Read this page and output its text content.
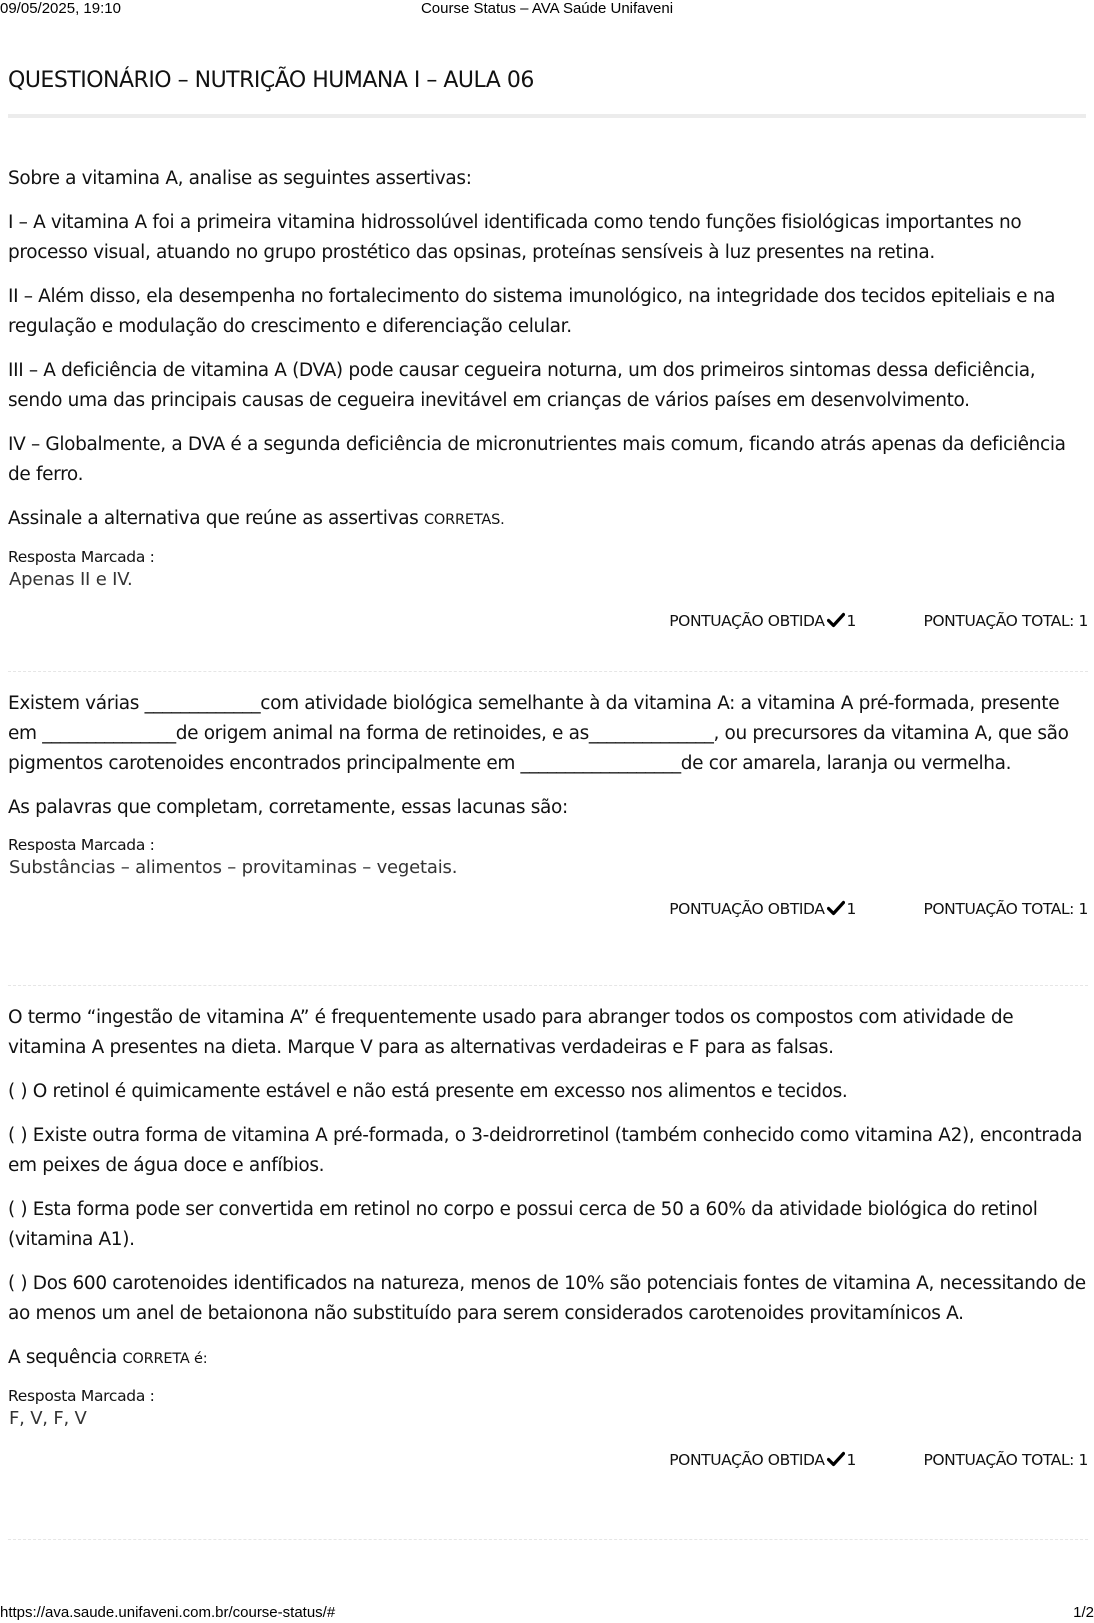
09/05/2025, 19:10	Course Status – AVA Saúde Unifaveni
QUESTIONÁRIO – NUTRIÇÃO HUMANA I – AULA 06

Sobre a vitamina A, analise as seguintes assertivas:

I – A vitamina A foi a primeira vitamina hidrossolúvel identificada como tendo funções fisiológicas importantes no processo visual, atuando no grupo prostético das opsinas, proteínas sensíveis à luz presentes na retina.

II – Além disso, ela desempenha no fortalecimento do sistema imunológico, na integridade dos tecidos epiteliais e na regulação e modulação do crescimento e diferenciação celular.

III – A deficiência de vitamina A (DVA) pode causar cegueira noturna, um dos primeiros sintomas dessa deficiência, sendo uma das principais causas de cegueira inevitável em crianças de vários países em desenvolvimento.

IV – Globalmente, a DVA é a segunda deficiência de micronutrientes mais comum, ficando atrás apenas da deficiência de ferro.

Assinale a alternativa que reúne as assertivas CORRETAS.

Resposta Marcada :
Apenas II e IV.
PONTUAÇÃO OBTIDA 1	PONTUAÇÃO TOTAL: 1

Existem várias _____________com atividade biológica semelhante à da vitamina A: a vitamina A pré-formada, presente em _______________de origem animal na forma de retinoides, e as______________, ou precursores da vitamina A, que são pigmentos carotenoides encontrados principalmente em __________________de cor amarela, laranja ou vermelha.

As palavras que completam, corretamente, essas lacunas são:

Resposta Marcada :
Substâncias – alimentos – provitaminas – vegetais.
PONTUAÇÃO OBTIDA 1	PONTUAÇÃO TOTAL: 1

O termo “ingestão de vitamina A” é frequentemente usado para abranger todos os compostos com atividade de vitamina A presentes na dieta. Marque V para as alternativas verdadeiras e F para as falsas.

( ) O retinol é quimicamente estável e não está presente em excesso nos alimentos e tecidos.

( ) Existe outra forma de vitamina A pré-formada, o 3-deidrorretinol (também conhecido como vitamina A2), encontrada em peixes de água doce e anfíbios.

( ) Esta forma pode ser convertida em retinol no corpo e possui cerca de 50 a 60% da atividade biológica do retinol (vitamina A1).

( ) Dos 600 carotenoides identificados na natureza, menos de 10% são potenciais fontes de vitamina A, necessitando de ao menos um anel de betaionona não substituído para serem considerados carotenoides provitamínicos A.

A sequência CORRETA é:

Resposta Marcada :
F, V, F, V
PONTUAÇÃO OBTIDA 1	PONTUAÇÃO TOTAL: 1
https://ava.saude.unifaveni.com.br/course-status/#	1/2
